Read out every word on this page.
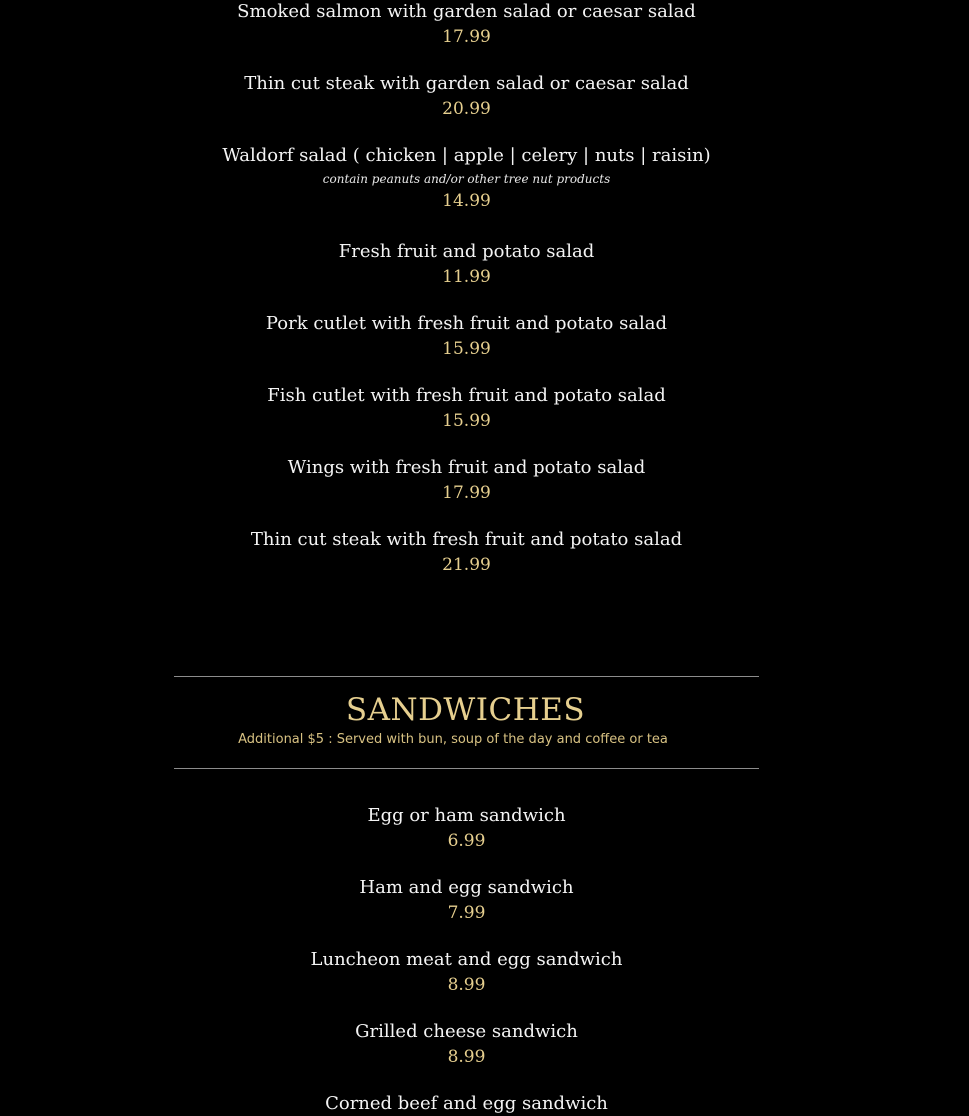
Smoked salmon with garden salad or caesar salad
17.99
Thin cut steak with garden salad or caesar salad
20.99
Waldorf salad ( chicken | apple | celery | nuts | raisin)
contain peanuts and/or other tree nut products
14.99
Fresh fruit and potato salad
11.99
Pork cutlet with fresh fruit and potato salad
15.99
Fish cutlet with fresh fruit and potato salad
15.99
Wings with fresh fruit and potato salad
17.99
Thin cut steak with fresh fruit and potato salad
21.99
SANDWICHES
Additional $5 : Served with bun, soup of the day and coffee or tea
Egg or ham sandwich
6.99
Ham and egg sandwich
7.99
Luncheon meat and egg sandwich
8.99
Grilled cheese sandwich
8.99
Corned beef and egg sandwich
